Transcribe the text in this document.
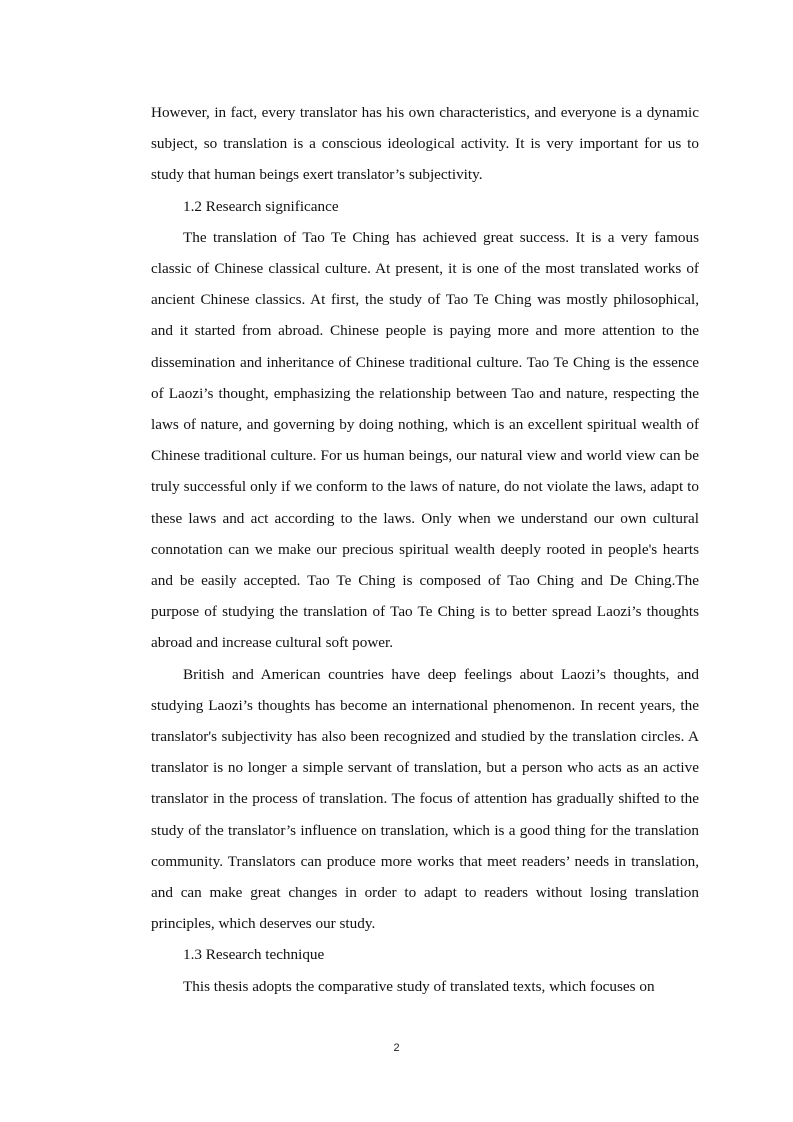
However, in fact, every translator has his own characteristics, and everyone is a dynamic subject, so translation is a conscious ideological activity. It is very important for us to study that human beings exert translator’s subjectivity.

1.2 Research significance

The translation of Tao Te Ching has achieved great success. It is a very famous classic of Chinese classical culture. At present, it is one of the most translated works of ancient Chinese classics. At first, the study of Tao Te Ching was mostly philosophical, and it started from abroad. Chinese people is paying more and more attention to the dissemination and inheritance of Chinese traditional culture. Tao Te Ching is the essence of Laozi’s thought, emphasizing the relationship between Tao and nature, respecting the laws of nature, and governing by doing nothing, which is an excellent spiritual wealth of Chinese traditional culture. For us human beings, our natural view and world view can be truly successful only if we conform to the laws of nature, do not violate the laws, adapt to these laws and act according to the laws. Only when we understand our own cultural connotation can we make our precious spiritual wealth deeply rooted in people's hearts and be easily accepted. Tao Te Ching is composed of Tao Ching and De Ching.The purpose of studying the translation of Tao Te Ching is to better spread Laozi’s thoughts abroad and increase cultural soft power.

British and American countries have deep feelings about Laozi’s thoughts, and studying Laozi’s thoughts has become an international phenomenon. In recent years, the translator's subjectivity has also been recognized and studied by the translation circles. A translator is no longer a simple servant of translation, but a person who acts as an active translator in the process of translation. The focus of attention has gradually shifted to the study of the translator’s influence on translation, which is a good thing for the translation community. Translators can produce more works that meet readers’ needs in translation, and can make great changes in order to adapt to readers without losing translation principles, which deserves our study.

1.3 Research technique

This thesis adopts the comparative study of translated texts, which focuses on

2
